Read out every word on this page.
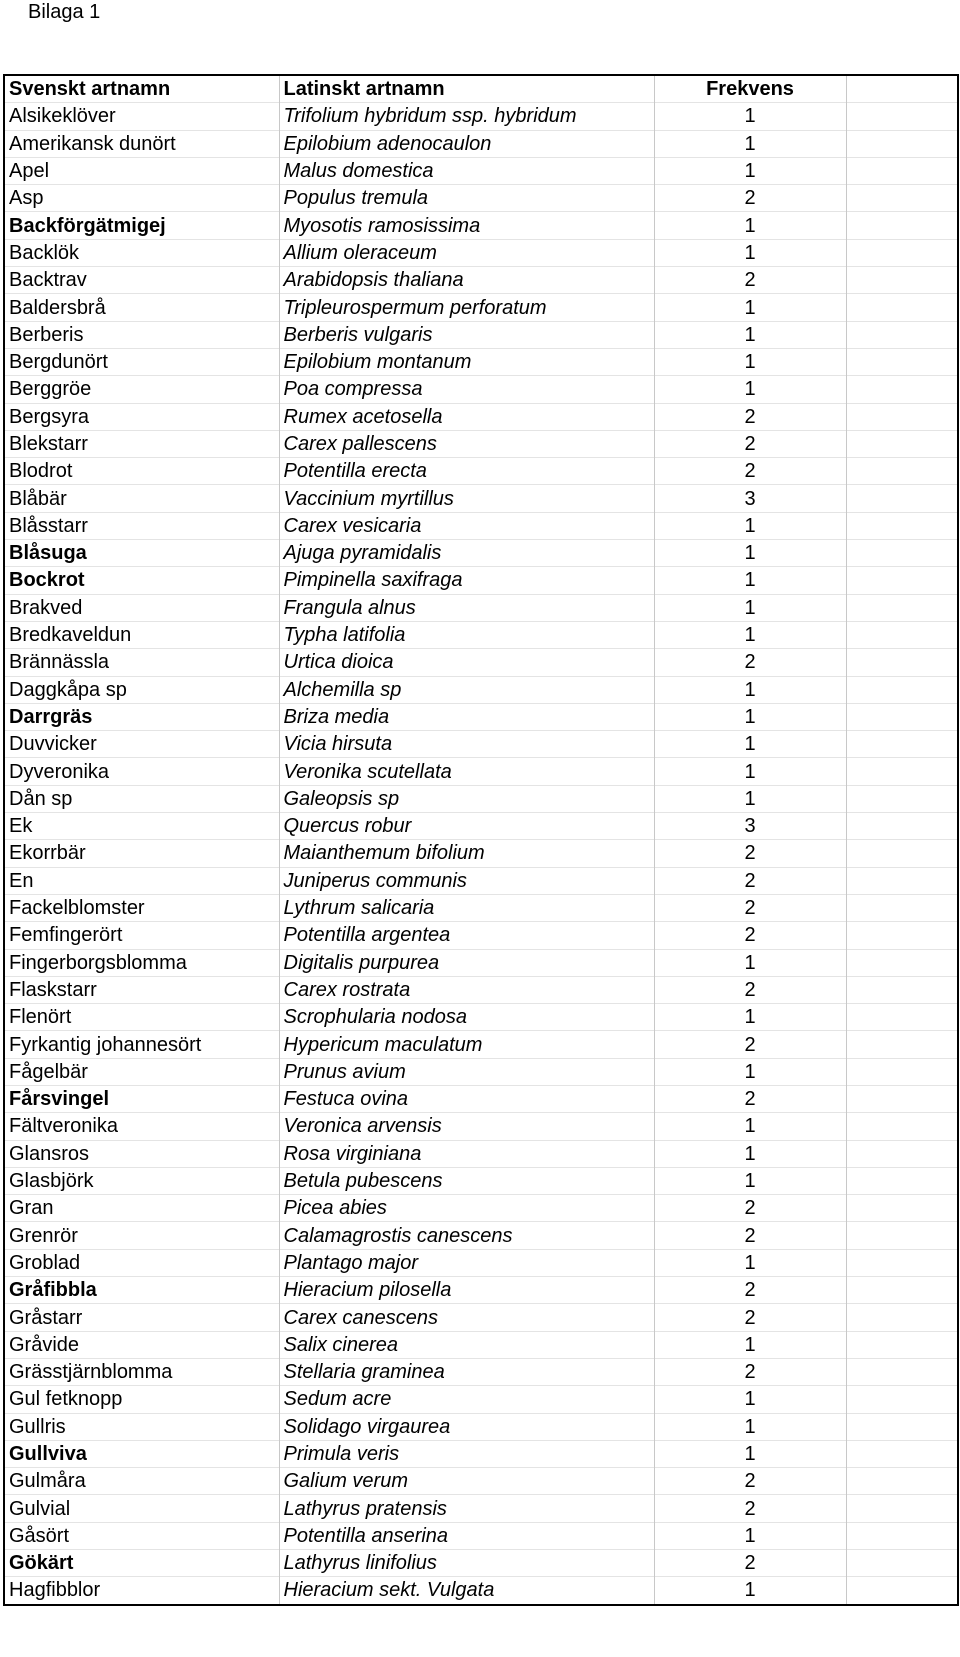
Bilaga 1
Svenskt artnamn	Latinskt artnamn	Frekvens	
Alsikeklöver	Trifolium hybridum ssp. hybridum	1	
Amerikansk dunört	Epilobium adenocaulon	1	
Apel	Malus domestica	1	
Asp	Populus tremula	2	
Backförgätmigej	Myosotis ramosissima	1	
Backlök	Allium oleraceum	1	
Backtrav	Arabidopsis thaliana	2	
Baldersbrå	Tripleurospermum perforatum	1	
Berberis	Berberis vulgaris	1	
Bergdunört	Epilobium montanum	1	
Berggröe	Poa compressa	1	
Bergsyra	Rumex acetosella	2	
Blekstarr	Carex pallescens	2	
Blodrot	Potentilla erecta	2	
Blåbär	Vaccinium myrtillus	3	
Blåsstarr	Carex vesicaria	1	
Blåsuga	Ajuga pyramidalis	1	
Bockrot	Pimpinella saxifraga	1	
Brakved	Frangula alnus	1	
Bredkaveldun	Typha latifolia	1	
Brännässla	Urtica dioica	2	
Daggkåpa sp	Alchemilla sp	1	
Darrgräs	Briza media	1	
Duvvicker	Vicia hirsuta	1	
Dyveronika	Veronika scutellata	1	
Dån sp	Galeopsis sp	1	
Ek	Quercus robur	3	
Ekorrbär	Maianthemum bifolium	2	
En	Juniperus communis	2	
Fackelblomster	Lythrum salicaria	2	
Femfingerört	Potentilla argentea	2	
Fingerborgsblomma	Digitalis purpurea	1	
Flaskstarr	Carex rostrata	2	
Flenört	Scrophularia nodosa	1	
Fyrkantig johannesört	Hypericum maculatum	2	
Fågelbär	Prunus avium	1	
Fårsvingel	Festuca ovina	2	
Fältveronika	Veronica arvensis	1	
Glansros	Rosa virginiana	1	
Glasbjörk	Betula pubescens	1	
Gran	Picea abies	2	
Grenrör	Calamagrostis canescens	2	
Groblad	Plantago major	1	
Gråfibbla	Hieracium pilosella	2	
Gråstarr	Carex canescens	2	
Gråvide	Salix cinerea	1	
Grässtjärnblomma	Stellaria graminea	2	
Gul fetknopp	Sedum acre	1	
Gullris	Solidago virgaurea	1	
Gullviva	Primula veris	1	
Gulmåra	Galium verum	2	
Gulvial	Lathyrus pratensis	2	
Gåsört	Potentilla anserina	1	
Gökärt	Lathyrus linifolius	2	
Hagfibblor	Hieracium sekt. Vulgata	1	
